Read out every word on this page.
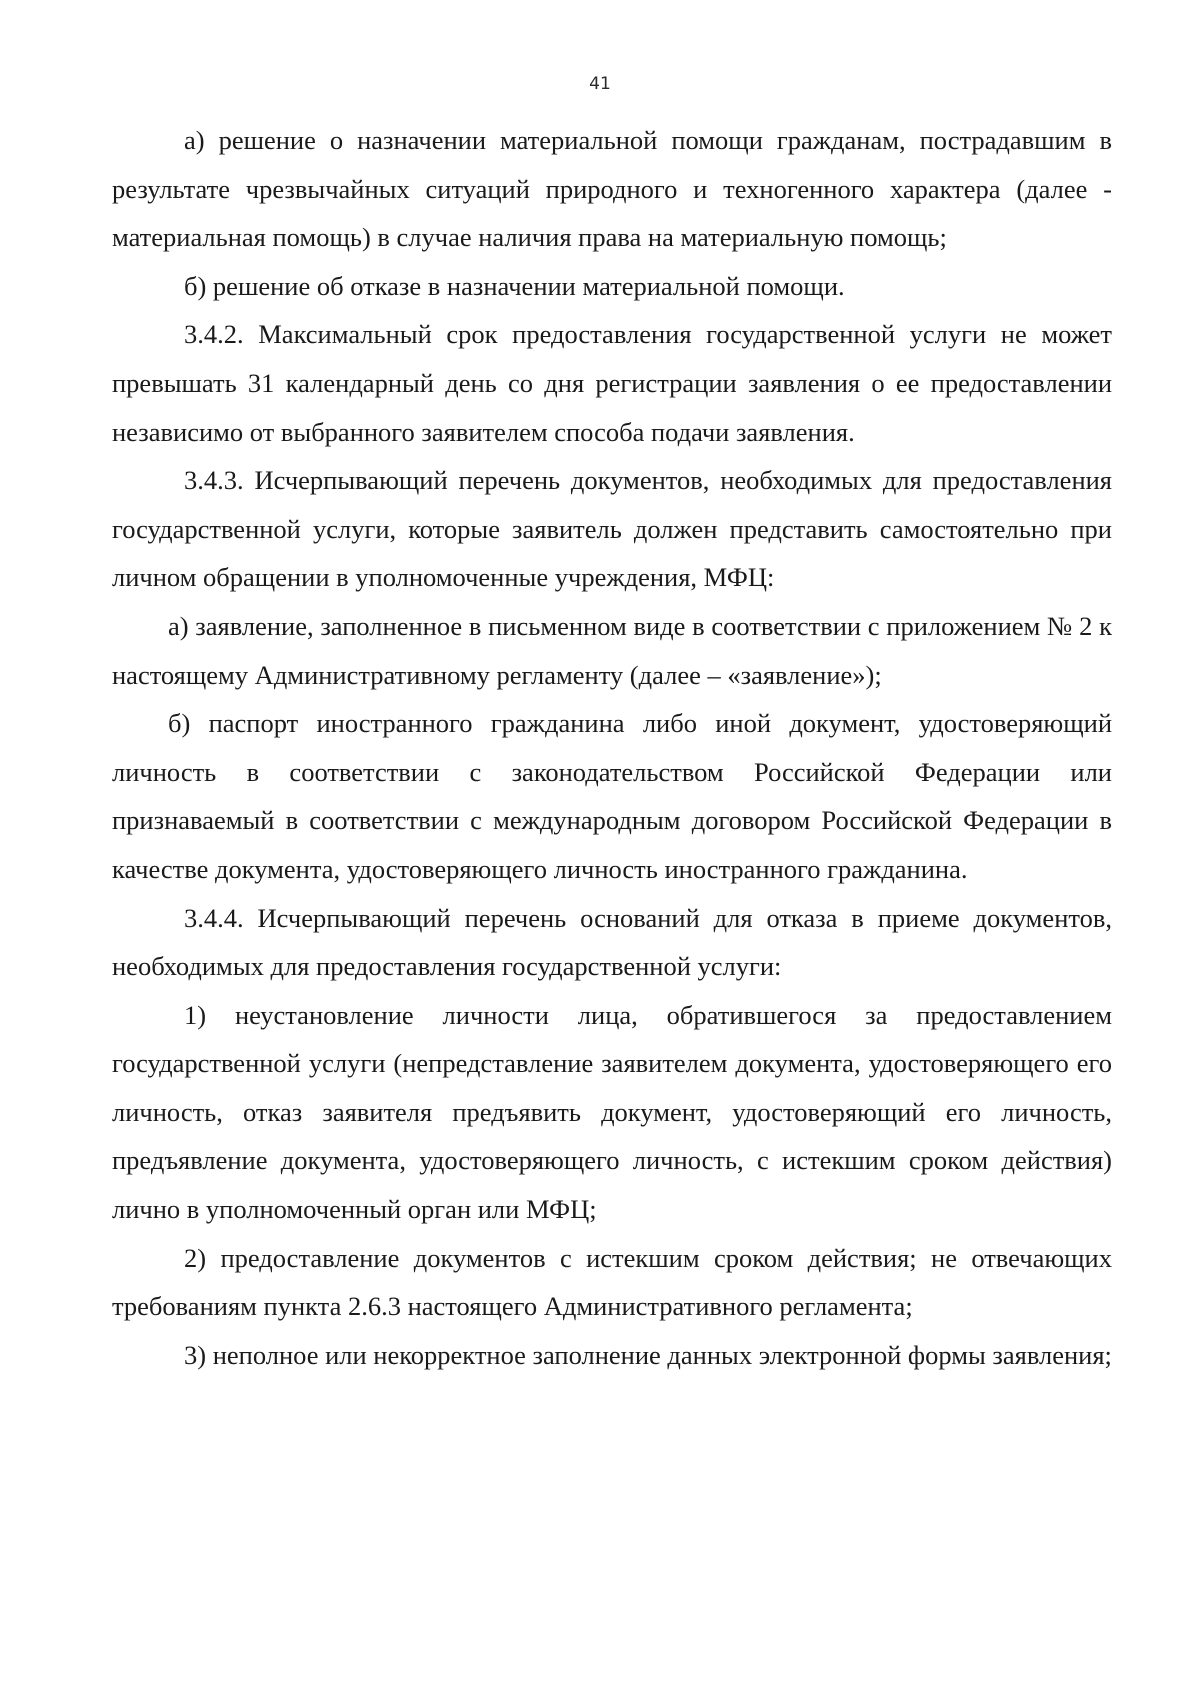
41

а) решение о назначении материальной помощи гражданам, пострадавшим в результате чрезвычайных ситуаций природного и техногенного характера (далее - материальная помощь) в случае наличия права на материальную помощь;

б) решение об отказе в назначении материальной помощи.

3.4.2. Максимальный срок предоставления государственной услуги не может превышать 31 календарный день со дня регистрации заявления о ее предоставлении независимо от выбранного заявителем способа подачи заявления.

3.4.3. Исчерпывающий перечень документов, необходимых для предоставления государственной услуги, которые заявитель должен представить самостоятельно при личном обращении в уполномоченные учреждения, МФЦ:

а) заявление, заполненное в письменном виде в соответствии с приложением № 2 к настоящему Административному регламенту (далее – «заявление»);

б) паспорт иностранного гражданина либо иной документ, удостоверяющий личность в соответствии с законодательством Российской Федерации или признаваемый в соответствии с международным договором Российской Федерации в качестве документа, удостоверяющего личность иностранного гражданина.

3.4.4. Исчерпывающий перечень оснований для отказа в приеме документов, необходимых для предоставления государственной услуги:

1) неустановление личности лица, обратившегося за предоставлением государственной услуги (непредставление заявителем документа, удостоверяющего его личность, отказ заявителя предъявить документ, удостоверяющий его личность, предъявление документа, удостоверяющего личность, с истекшим сроком действия) лично в уполномоченный орган или МФЦ;

2) предоставление документов с истекшим сроком действия; не отвечающих требованиям пункта 2.6.3 настоящего Административного регламента;

3) неполное или некорректное заполнение данных электронной формы заявления;
